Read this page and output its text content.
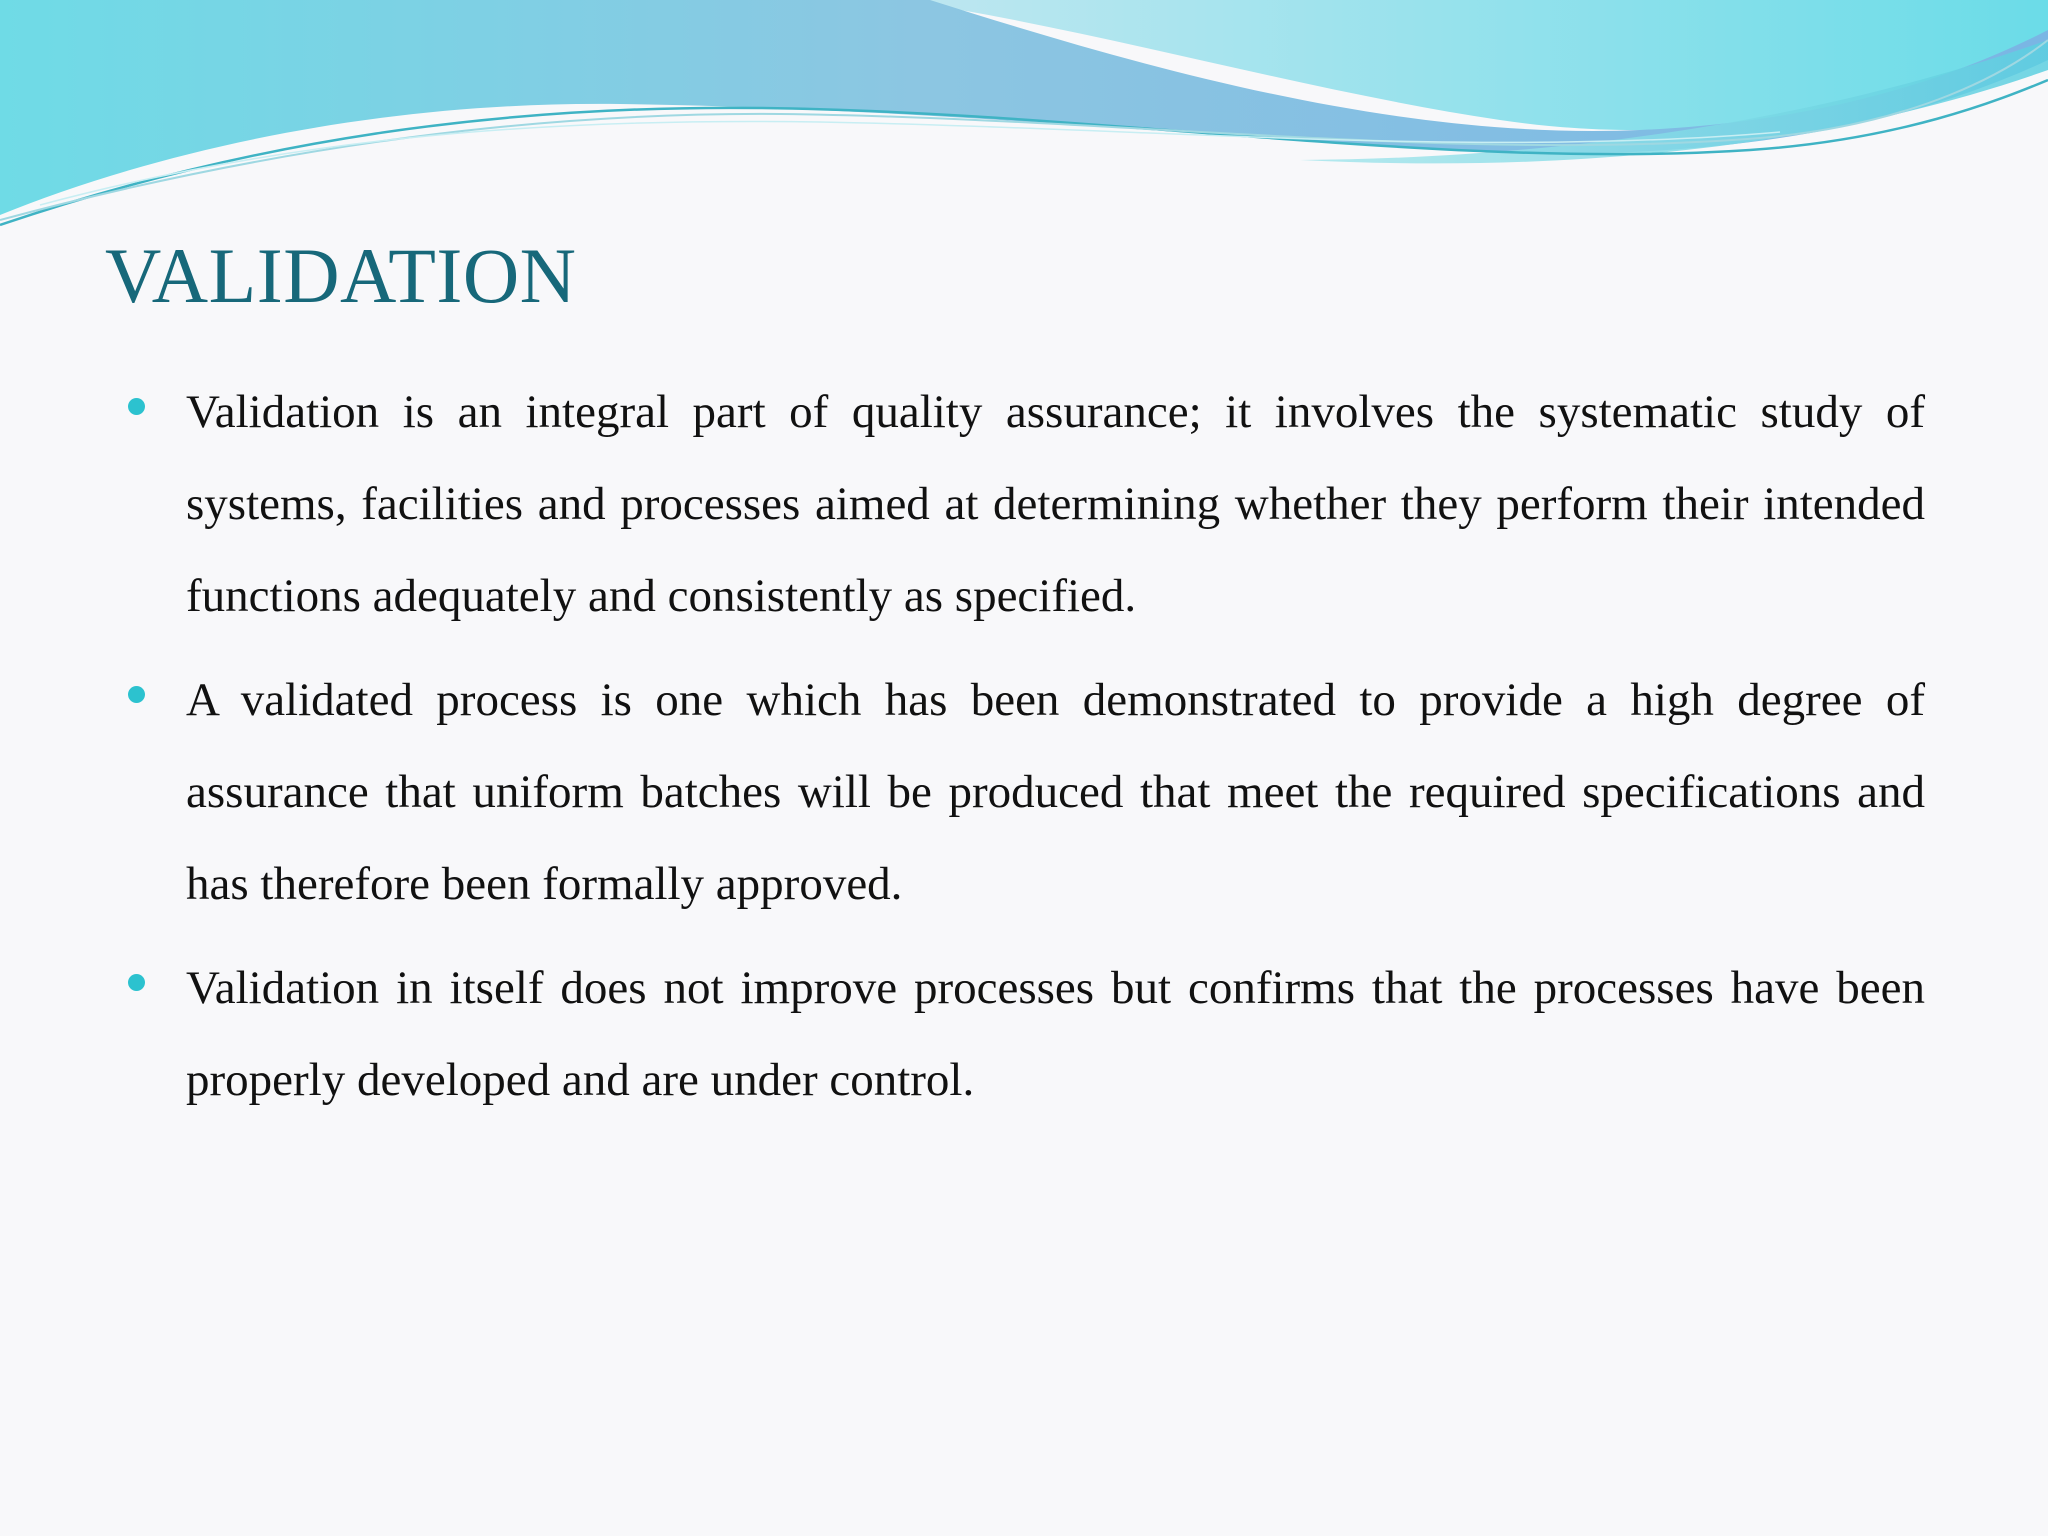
VALIDATION
Validation is an integral part of quality assurance; it involves the systematic study of systems, facilities and processes aimed at determining whether they perform their intended functions adequately and consistently as specified.
A validated process is one which has been demonstrated to provide a high degree of assurance that uniform batches will be produced that meet the required specifications and has therefore been formally approved.
Validation in itself does not improve processes but confirms that the processes have been properly developed and are under control.
